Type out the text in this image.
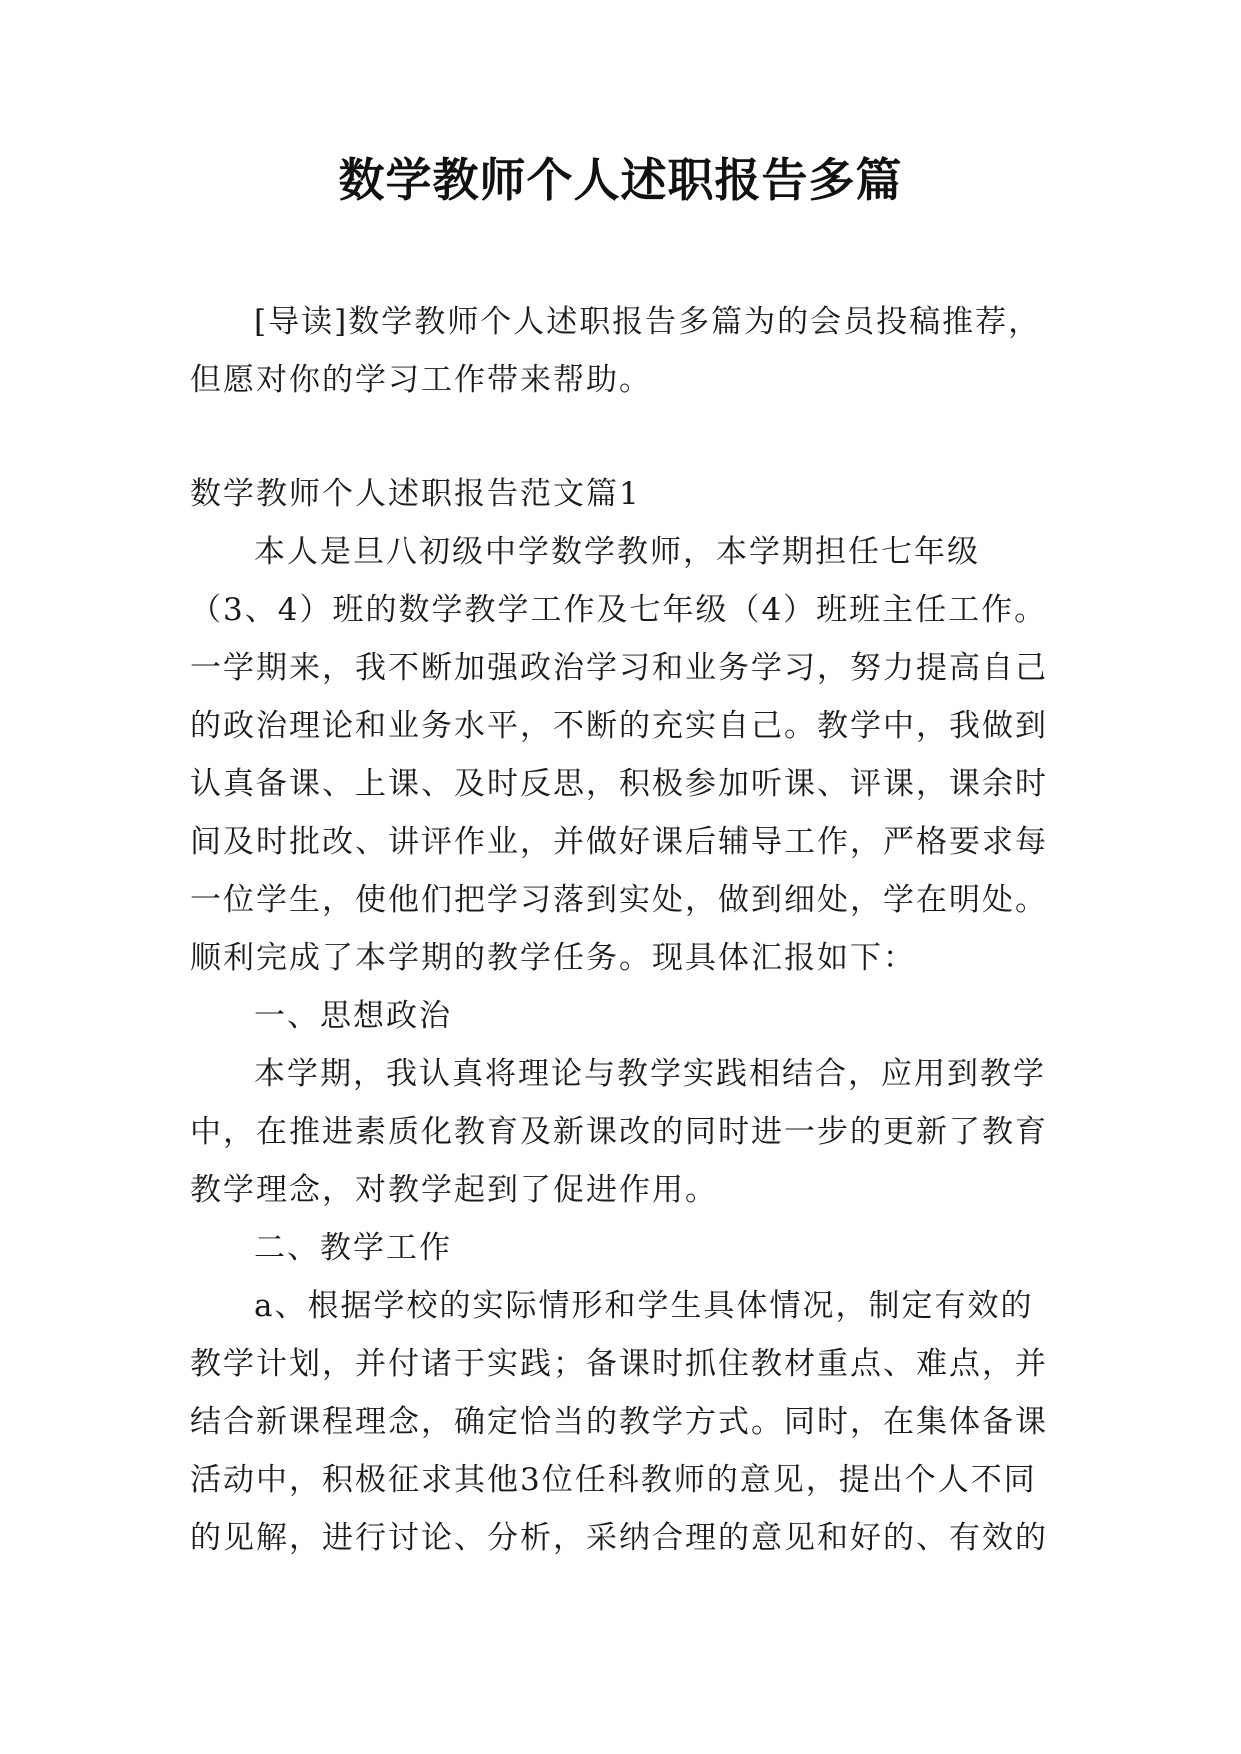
数学教师个人述职报告多篇

[导读]数学教师个人述职报告多篇为的会员投稿推荐，但愿对你的学习工作带来帮助。

数学教师个人述职报告范文篇1

本人是旦八初级中学数学教师，本学期担任七年级（3、4）班的数学教学工作及七年级（4）班班主任工作。一学期来，我不断加强政治学习和业务学习，努力提高自己的政治理论和业务水平，不断的充实自己。教学中，我做到认真备课、上课、及时反思，积极参加听课、评课，课余时间及时批改、讲评作业，并做好课后辅导工作，严格要求每一位学生，使他们把学习落到实处，做到细处，学在明处。顺利完成了本学期的教学任务。现具体汇报如下：

一、思想政治

本学期，我认真将理论与教学实践相结合，应用到教学中，在推进素质化教育及新课改的同时进一步的更新了教育教学理念，对教学起到了促进作用。

二、教学工作

a、根据学校的实际情形和学生具体情况，制定有效的教学计划，并付诸于实践；备课时抓住教材重点、难点，并结合新课程理念，确定恰当的教学方式。同时，在集体备课活动中，积极征求其他3位任科教师的意见，提出个人不同的见解，进行讨论、分析，采纳合理的意见和好的、有效的
